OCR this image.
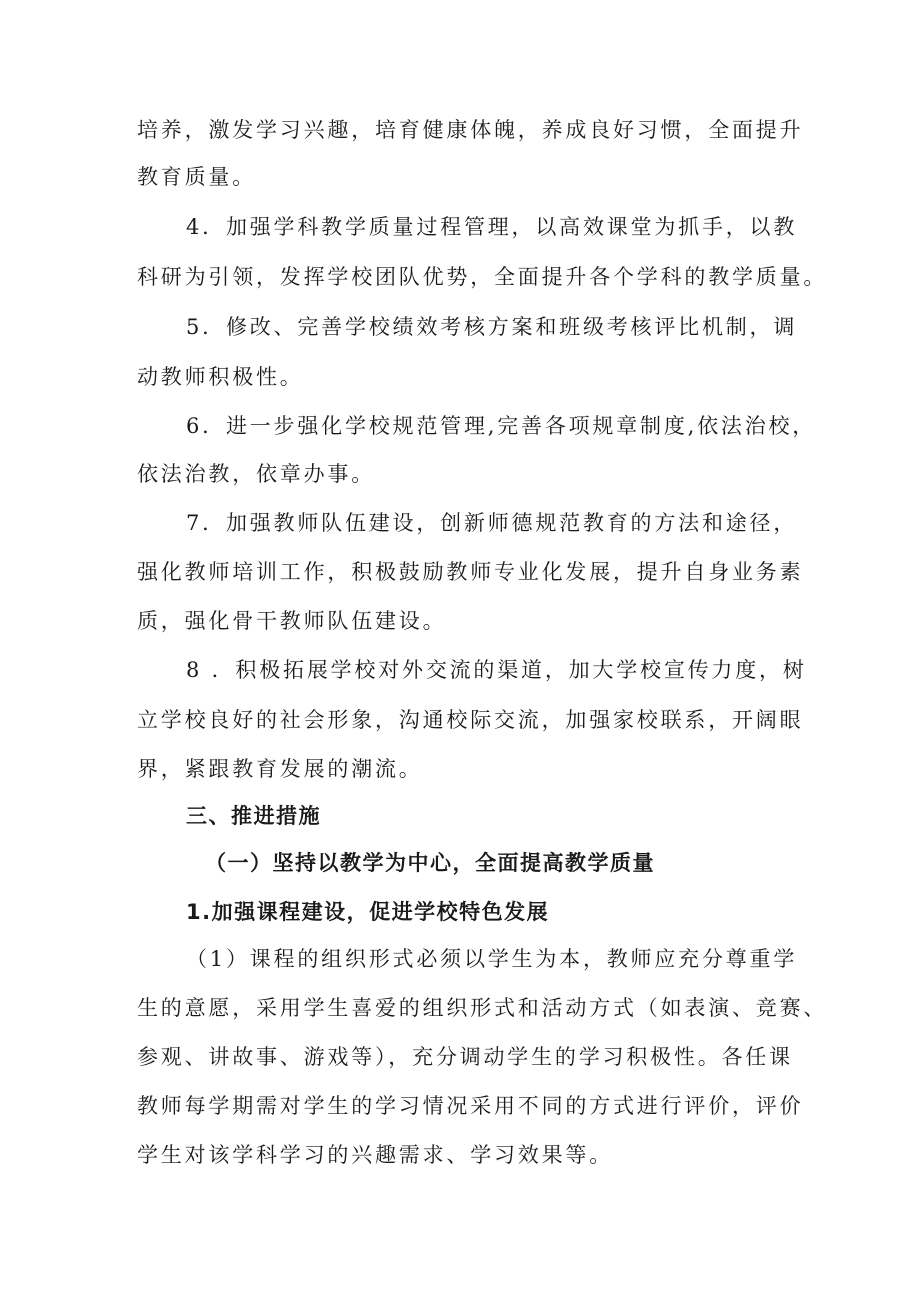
培养，激发学习兴趣，培育健康体魄，养成良好习惯，全面提升
教育质量。
4．加强学科教学质量过程管理，以高效课堂为抓手，以教
科研为引领，发挥学校团队优势，全面提升各个学科的教学质量。
5．修改、完善学校绩效考核方案和班级考核评比机制，调
动教师积极性。
6．进一步强化学校规范管理,完善各项规章制度,依法治校，
依法治教，依章办事。
7．加强教师队伍建设，创新师德规范教育的方法和途径，
强化教师培训工作，积极鼓励教师专业化发展，提升自身业务素
质，强化骨干教师队伍建设。
8 ．积极拓展学校对外交流的渠道，加大学校宣传力度，树
立学校良好的社会形象，沟通校际交流，加强家校联系，开阔眼
界，紧跟教育发展的潮流。
三、推进措施
（一）坚持以教学为中心，全面提高教学质量
1.加强课程建设，促进学校特色发展
（1）课程的组织形式必须以学生为本，教师应充分尊重学
生的意愿，采用学生喜爱的组织形式和活动方式（如表演、竞赛、
参观、讲故事、游戏等），充分调动学生的学习积极性。各任课
教师每学期需对学生的学习情况采用不同的方式进行评价，评价
学生对该学科学习的兴趣需求、学习效果等。
